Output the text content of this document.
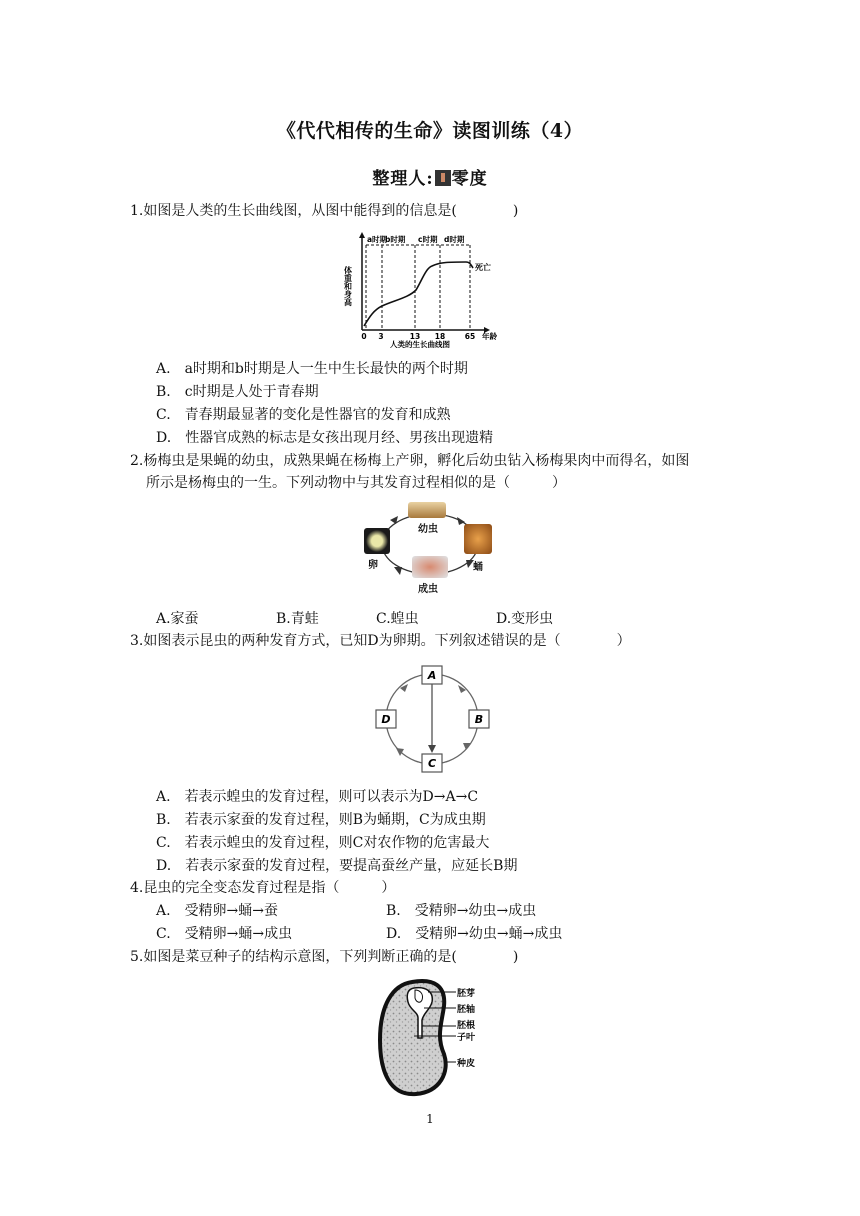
《代代相传的生命》读图训练（4）
整理人: 零度
1.如图是人类的生长曲线图，从图中能得到的信息是(　　　　)
a时期
b时期 c时期 d时期
体重和身高	死亡
0 3	13 18	65 年龄
人类的生长曲线图
A. a时期和b时期是人一生中生长最快的两个时期
B. c时期是人处于青春期
C. 青春期最显著的变化是性器官的发育和成熟
D. 性器官成熟的标志是女孩出现月经、男孩出现遗精
2.杨梅虫是果蝇的幼虫，成熟果蝇在杨梅上产卵，孵化后幼虫钻入杨梅果肉中而得名，如图
所示是杨梅虫的一生。下列动物中与其发育过程相似的是（　　　）
幼虫
蛹
成虫
卵
A.家蚕	B.青蛙	C.蝗虫	D.变形虫
3.如图表示昆虫的两种发育方式，已知D为卵期。下列叙述错误的是（　　　　）
A
B
C
D
A. 若表示蝗虫的发育过程，则可以表示为D→A→C
B. 若表示家蚕的发育过程，则B为蛹期，C为成虫期
C. 若表示蝗虫的发育过程，则C对农作物的危害最大
D. 若表示家蚕的发育过程，要提高蚕丝产量，应延长B期
4.昆虫的完全变态发育过程是指（　　　）
A. 受精卵→蛹→蚕	B. 受精卵→幼虫→成虫
C. 受精卵→蛹→成虫	D. 受精卵→幼虫→蛹→成虫
5.如图是菜豆种子的结构示意图，下列判断正确的是(　　　　)
胚芽
胚轴
胚根
子叶
种皮
1
